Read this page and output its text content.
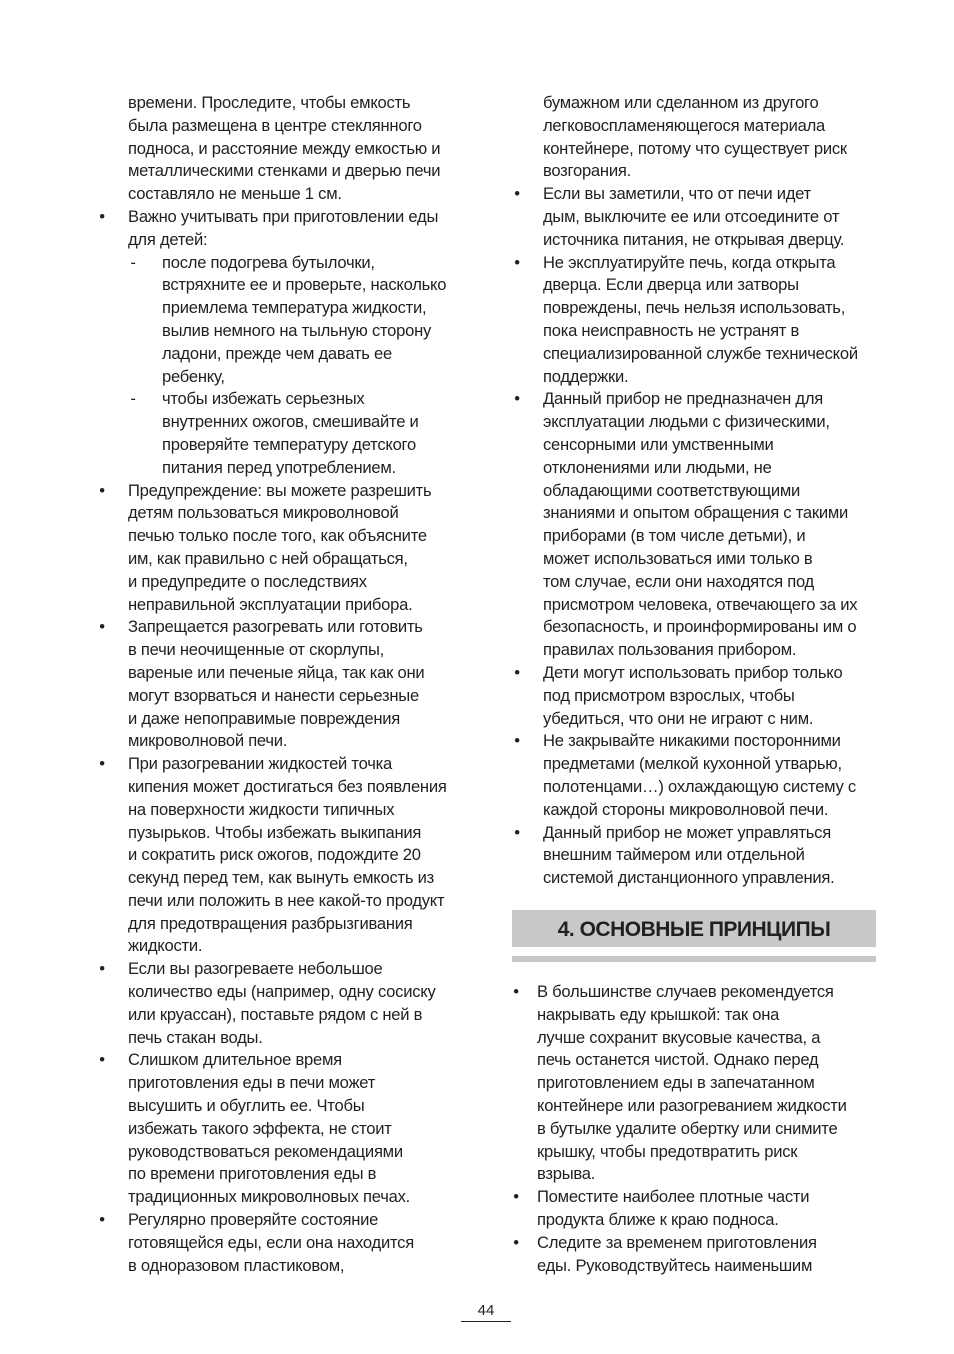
времени. Проследите, чтобы емкость
была размещена в центре стеклянного
подноса, и расстояние между емкостью и
металлическими стенками и дверью печи
составляло не меньше 1 см.
• Важно учитывать при приготовлении еды
для детей:
- после подогрева бутылочки,
встряхните ее и проверьте, насколько
приемлема температура жидкости,
вылив немного на тыльную сторону
ладони, прежде чем давать ее
ребенку,
- чтобы избежать серьезных
внутренних ожогов, смешивайте и
проверяйте температуру детского
питания перед употреблением.
• Предупреждение: вы можете разрешить
детям пользоваться микроволновой
печью только после того, как объясните
им, как правильно с ней обращаться,
и предупредите о последствиях
неправильной эксплуатации прибора.
• Запрещается разогревать или готовить
в печи неочищенные от скорлупы,
вареные или печеные яйца, так как они
могут взорваться и нанести серьезные
и даже непоправимые повреждения
микроволновой печи.
• При разогревании жидкостей точка
кипения может достигаться без появления
на поверхности жидкости типичных
пузырьков. Чтобы избежать выкипания
и сократить риск ожогов, подождите 20
секунд перед тем, как вынуть емкость из
печи или положить в нее какой-то продукт
для предотвращения разбрызгивания
жидкости.
• Если вы разогреваете небольшое
количество еды (например, одну сосиску
или круассан), поставьте рядом с ней в
печь стакан воды.
• Слишком длительное время
приготовления еды в печи может
высушить и обуглить ее. Чтобы
избежать такого эффекта, не стоит
руководствоваться рекомендациями
по времени приготовления еды в
традиционных микроволновых печах.
• Регулярно проверяйте состояние
готовящейся еды, если она находится
в одноразовом пластиковом,
бумажном или сделанном из другого
легковоспламеняющегося материала
контейнере, потому что существует риск
возгорания.
• Если вы заметили, что от печи идет
дым, выключите ее или отсоедините от
источника питания, не открывая дверцу.
• Не эксплуатируйте печь, когда открыта
дверца. Если дверца или затворы
повреждены, печь нельзя использовать,
пока неисправность не устранят в
специализированной службе технической
поддержки.
• Данный прибор не предназначен для
эксплуатации людьми с физическими,
сенсорными или умственными
отклонениями или людьми, не
обладающими соответствующими
знаниями и опытом обращения с такими
приборами (в том числе детьми), и
может использоваться ими только в
том случае, если они находятся под
присмотром человека, отвечающего за их
безопасность, и проинформированы им о
правилах пользования прибором.
• Дети могут использовать прибор только
под присмотром взрослых, чтобы
убедиться, что они не играют с ним.
• Не закрывайте никакими посторонними
предметами (мелкой кухонной утварью,
полотенцами…) охлаждающую систему с
каждой стороны микроволновой печи.
• Данный прибор не может управляться
внешним таймером или отдельной
системой дистанционного управления.
4. ОСНОВНЫЕ ПРИНЦИПЫ
• В большинстве случаев рекомендуется
накрывать еду крышкой: так она
лучше сохранит вкусовые качества, а
печь останется чистой. Однако перед
приготовлением еды в запечатанном
контейнере или разогреванием жидкости
в бутылке удалите обертку или снимите
крышку, чтобы предотвратить риск
взрыва.
• Поместите наиболее плотные части
продукта ближе к краю подноса.
• Следите за временем приготовления
еды. Руководствуйтесь наименьшим
44
